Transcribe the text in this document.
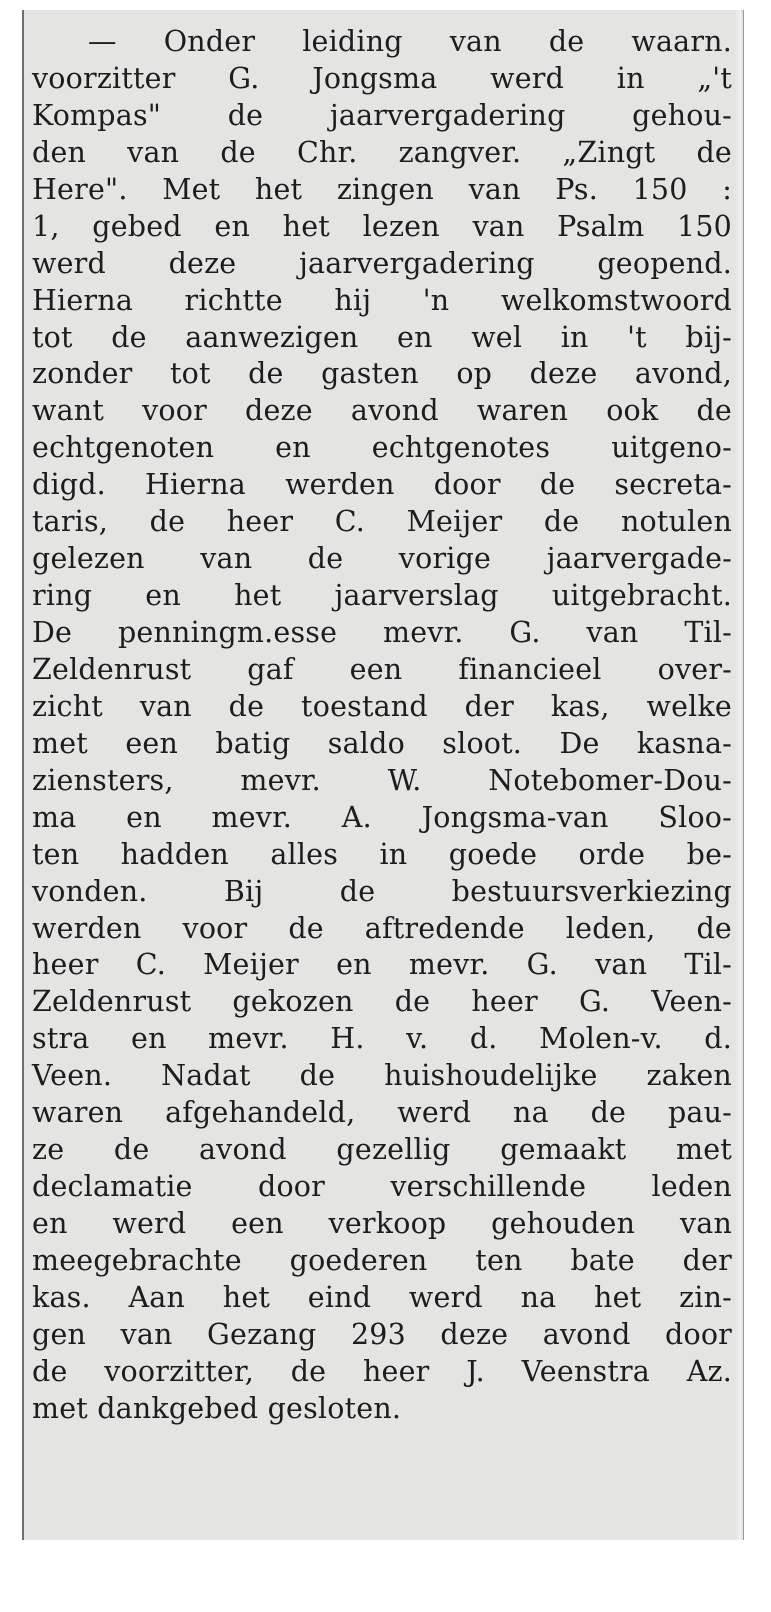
— Onder leiding van de waarn.
voorzitter G. Jongsma werd in „'t
Kompas" de jaarvergadering gehou-
den van de Chr. zangver. „Zingt de
Here". Met het zingen van Ps. 150 :
1, gebed en het lezen van Psalm 150
werd deze jaarvergadering geopend.
Hierna richtte hij 'n welkomstwoord
tot de aanwezigen en wel in 't bij-
zonder tot de gasten op deze avond,
want voor deze avond waren ook de
echtgenoten en echtgenotes uitgeno-
digd. Hierna werden door de secreta-
taris, de heer C. Meijer de notulen
gelezen van de vorige jaarvergade-
ring en het jaarverslag uitgebracht.
De penningm.esse mevr. G. van Til-
Zeldenrust gaf een financieel over-
zicht van de toestand der kas, welke
met een batig saldo sloot. De kasna-
ziensters, mevr. W. Notebomer-Dou-
ma en mevr. A. Jongsma-van Sloo-
ten hadden alles in goede orde be-
vonden. Bij de bestuursverkiezing
werden voor de aftredende leden, de
heer C. Meijer en mevr. G. van Til-
Zeldenrust gekozen de heer G. Veen-
stra en mevr. H. v. d. Molen-v. d.
Veen. Nadat de huishoudelijke zaken
waren afgehandeld, werd na de pau-
ze de avond gezellig gemaakt met
declamatie door verschillende leden
en werd een verkoop gehouden van
meegebrachte goederen ten bate der
kas. Aan het eind werd na het zin-
gen van Gezang 293 deze avond door
de voorzitter, de heer J. Veenstra Az.
met dankgebed gesloten.
